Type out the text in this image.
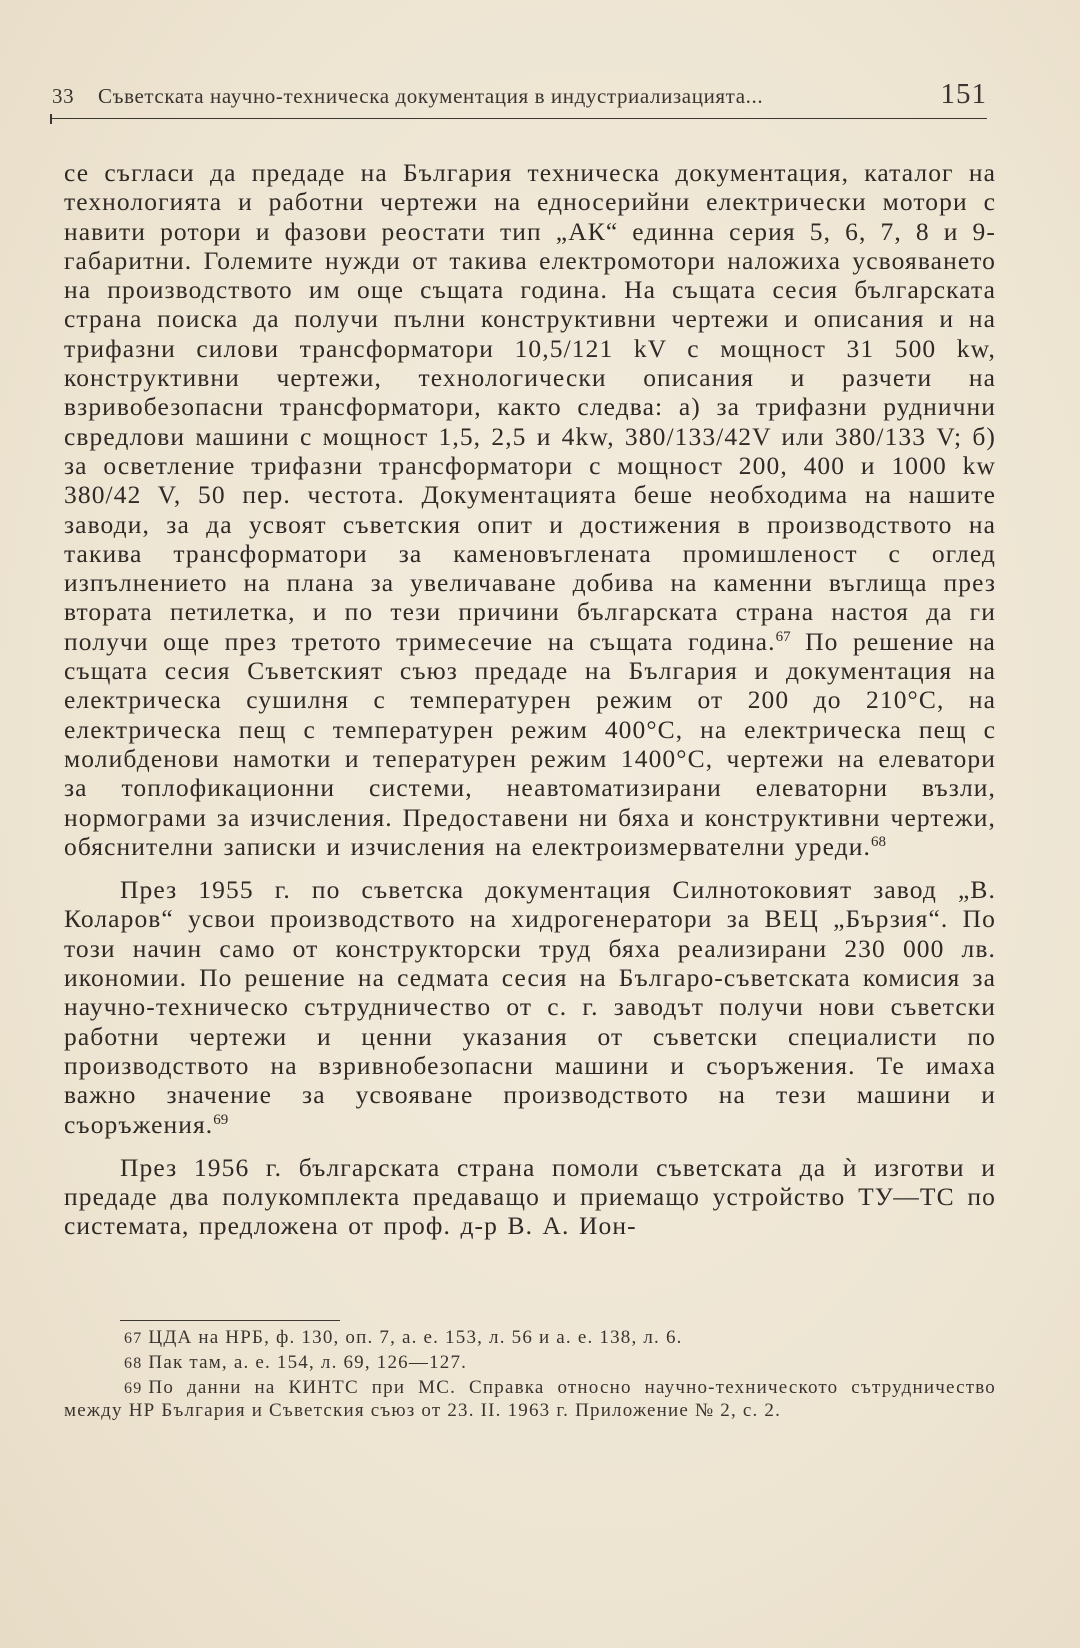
33 Съветската научно-техническа документация в индустриализацията...	151

се съгласи да предаде на България техническа документация, каталог на технологията и работни чертежи на едносерийни електрически мотори с навити ротори и фазови реостати тип „АК“ единна серия 5, 6, 7, 8 и 9-габаритни. Големите нужди от такива електромотори наложиха усвояването на производството им още същата година. На същата сесия българската страна поиска да получи пълни конструктивни чертежи и описания и на трифазни силови трансформатори 10,5/121 kV с мощност 31 500 kw, конструктивни чертежи, технологически описания и разчети на взривобезопасни трансформатори, както следва: а) за трифазни руднични свредлови машини с мощност 1,5, 2,5 и 4kw, 380/133/42V или 380/133 V; б) за осветление трифазни трансформатори с мощност 200, 400 и 1000 kw 380/42 V, 50 пер. честота. Документацията беше необходима на нашите заводи, за да усвоят съветския опит и достижения в производството на такива трансформатори за каменовъглената промишленост с оглед изпълнението на плана за увеличаване добива на каменни въглища през втората петилетка, и по тези причини българската страна настоя да ги получи още през третото тримесечие на същата година.$^{67}$ По решение на същата сесия Съветският съюз предаде на България и документация на електрическа сушилня с температурен режим от 200 до 210°С, на електрическа пещ с температурен режим 400°С, на електрическа пещ с молибденови намотки и тепературен режим 1400°С, чертежи на елеватори за топлофикационни системи, неавтоматизирани елеваторни възли, нормограми за изчисления. Предоставени ни бяха и конструктивни чертежи, обяснителни записки и изчисления на електроизмервателни уреди.$^{68}$

През 1955 г. по съветска документация Силнотоковият завод „В. Коларов“ усвои производството на хидрогенератори за ВЕЦ „Бързия“. По този начин само от конструкторски труд бяха реализирани 230 000 лв. икономии. По решение на седмата сесия на Българо-съветската комисия за научно-техническо сътрудничество от с. г. заводът получи нови съветски работни чертежи и ценни указания от съветски специалисти по производството на взривнобезопасни машини и съоръжения. Те имаха важно значение за усвояване производството на тези машини и съоръжения.$^{69}$

През 1956 г. българската страна помоли съветската да ѝ изготви и предаде два полукомплекта предаващо и приемащо устройство ТУ—ТС по системата, предложена от проф. д-р В. А. Ион-

67 ЦДА на НРБ, ф. 130, оп. 7, а. е. 153, л. 56 и а. е. 138, л. 6.

68 Пак там, а. е. 154, л. 69, 126—127.

69 По данни на КИНТС при МС. Справка относно научно-техническото сътрудничество между НР България и Съветския съюз от 23. II. 1963 г. Приложение № 2, с. 2.
